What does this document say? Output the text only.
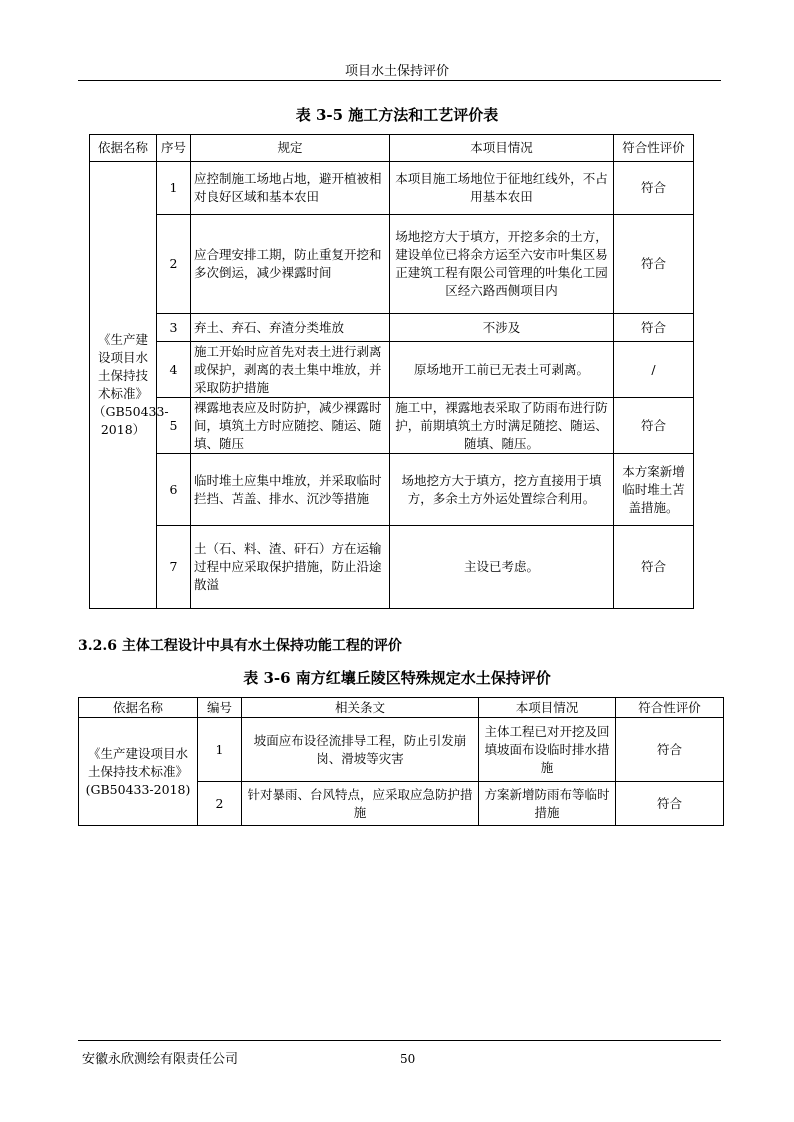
项目水土保持评价
表 3-5 施工方法和工艺评价表
依据名称	序号	规定	本项目情况	符合性评价
《生产建设项目水土保持技术标准》（GB50433-2018）	1	应控制施工场地占地，避开植被相对良好区域和基本农田	本项目施工场地位于征地红线外，不占用基本农田	符合
	2	应合理安排工期，防止重复开挖和多次倒运，减少裸露时间	场地挖方大于填方，开挖多余的土方，建设单位已将余方运至六安市叶集区易正建筑工程有限公司管理的叶集化工园区经六路西侧项目内	符合
	3	弃土、弃石、弃渣分类堆放	不涉及	符合
	4	施工开始时应首先对表土进行剥离或保护，剥离的表土集中堆放，并采取防护措施	原场地开工前已无表土可剥离。	/
	5	裸露地表应及时防护，减少裸露时间，填筑土方时应随挖、随运、随填、随压	施工中，裸露地表采取了防雨布进行防护，前期填筑土方时满足随挖、随运、随填、随压。	符合
	6	临时堆土应集中堆放，并采取临时拦挡、苫盖、排水、沉沙等措施	场地挖方大于填方，挖方直接用于填方，多余土方外运处置综合利用。	本方案新增临时堆土苫盖措施。
	7	土（石、料、渣、矸石）方在运输过程中应采取保护措施，防止沿途散溢	主设已考虑。	符合
3.2.6 主体工程设计中具有水土保持功能工程的评价
表 3-6 南方红壤丘陵区特殊规定水土保持评价
依据名称	编号	相关条文	本项目情况	符合性评价
《生产建设项目水土保持技术标准》(GB50433-2018)	1	坡面应布设径流排导工程，防止引发崩岗、滑坡等灾害	主体工程已对开挖及回填坡面布设临时排水措施	符合
	2	针对暴雨、台风特点，应采取应急防护措施	方案新增防雨布等临时措施	符合
安徽永欣测绘有限责任公司	50
